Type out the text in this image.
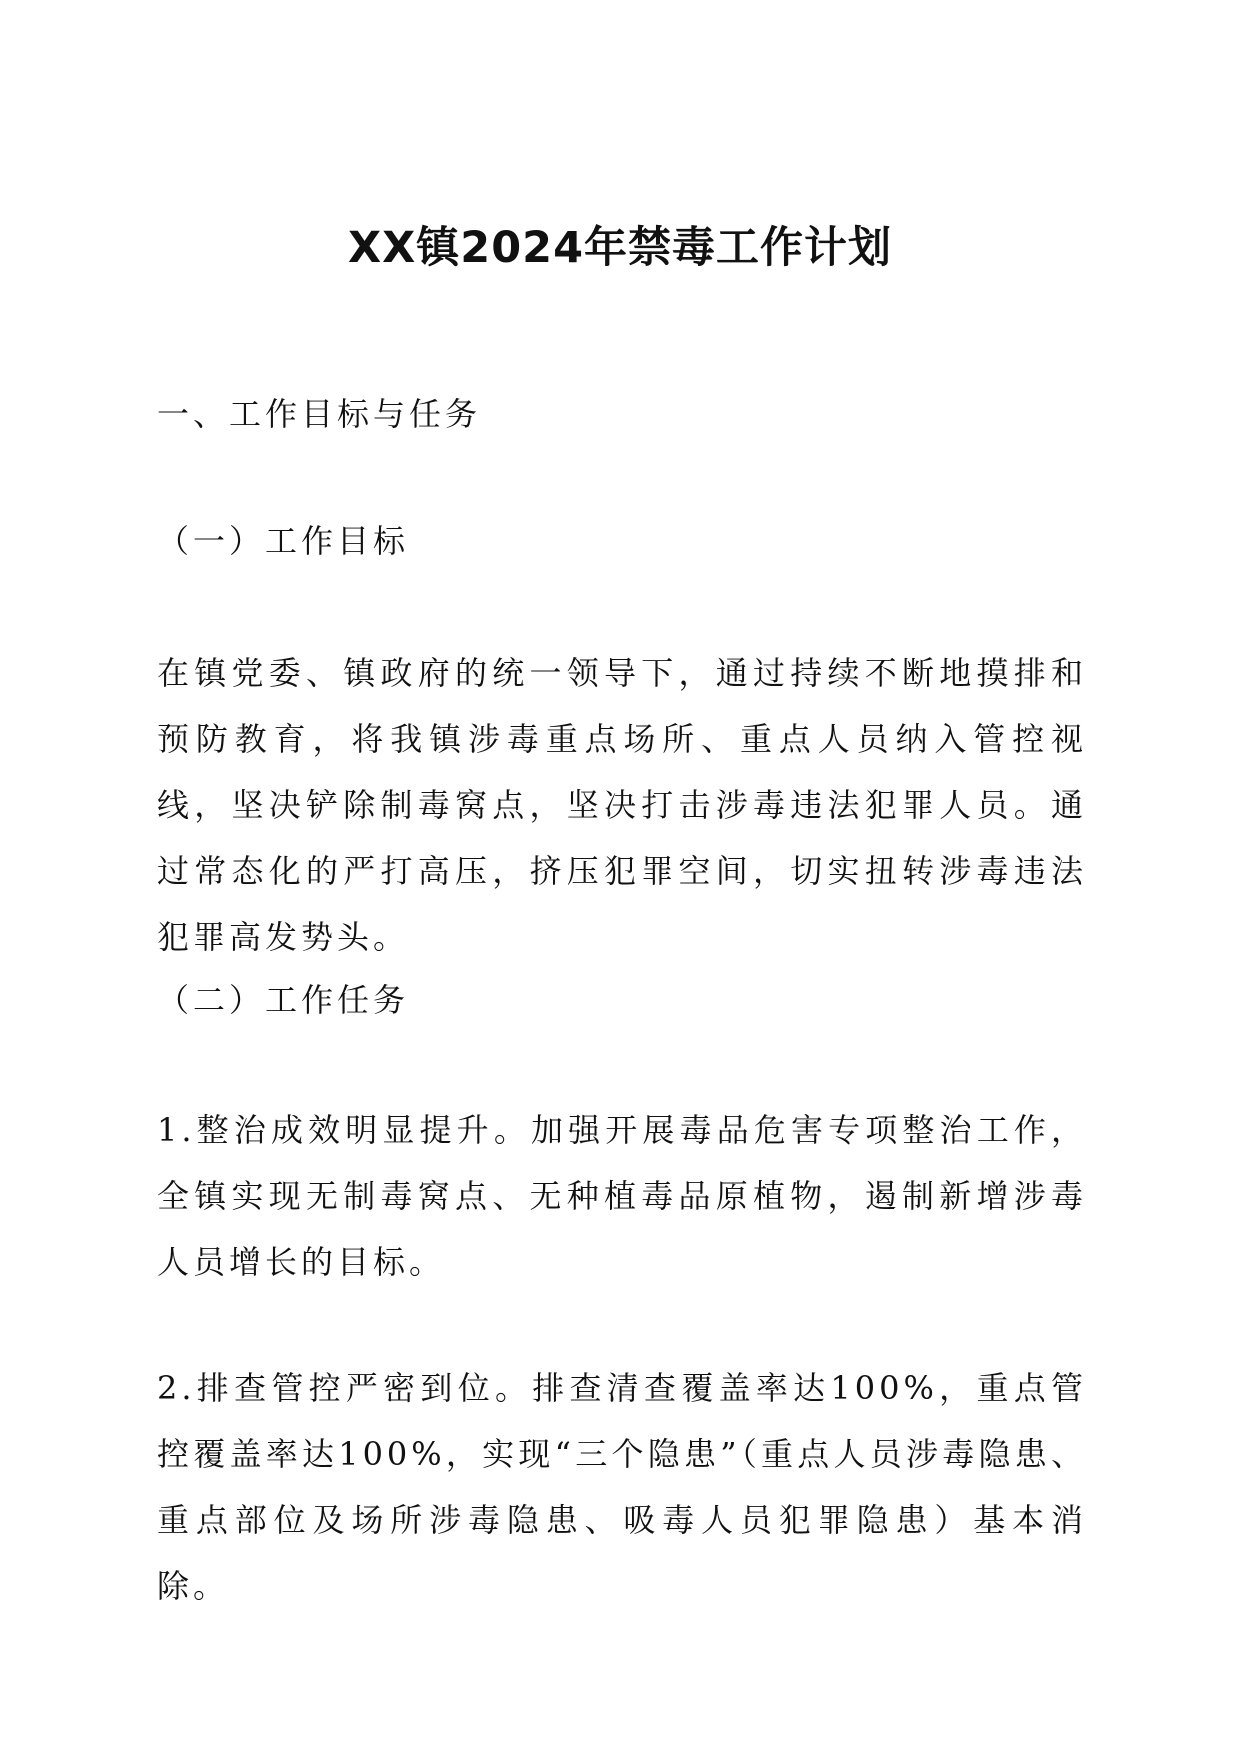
XX镇2024年禁毒工作计划

一、工作目标与任务

（一）工作目标

在镇党委、镇政府的统一领导下，通过持续不断地摸排和预防教育，将我镇涉毒重点场所、重点人员纳入管控视线，坚决铲除制毒窝点，坚决打击涉毒违法犯罪人员。通过常态化的严打高压，挤压犯罪空间，切实扭转涉毒违法犯罪高发势头。

（二）工作任务

1.整治成效明显提升。加强开展毒品危害专项整治工作，全镇实现无制毒窝点、无种植毒品原植物，遏制新增涉毒人员增长的目标。

2.排查管控严密到位。排查清查覆盖率达100%，重点管控覆盖率达100%，实现“三个隐患”（重点人员涉毒隐患、重点部位及场所涉毒隐患、吸毒人员犯罪隐患）基本消除。
